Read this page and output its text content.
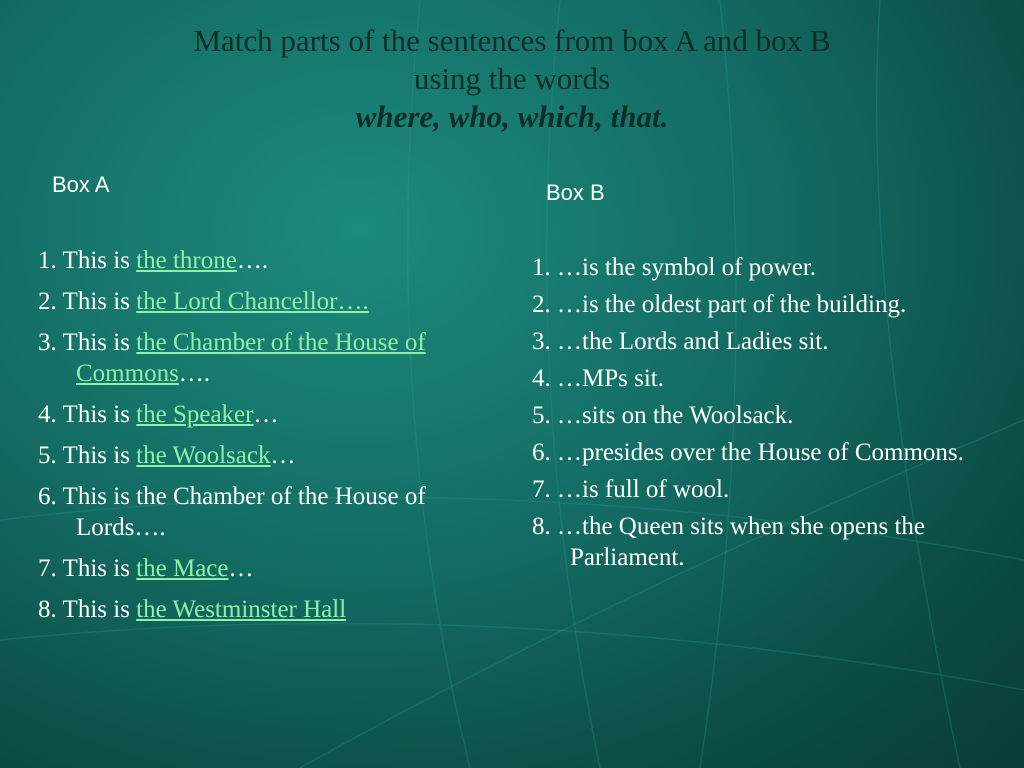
Match parts of the sentences from box A and box B
using the words
where, who, which, that.
Box A	Box B
1. This is the throne….
2. This is the Lord Chancellor….
3. This is the Chamber of the House of Commons….
4. This is the Speaker…
5. This is the Woolsack…
6. This is the Chamber of the House of Lords….
7. This is the Mace…
8. This is the Westminster Hall
1. …is the symbol of power.
2. …is the oldest part of the building.
3. …the Lords and Ladies sit.
4. …MPs sit.
5. …sits on the Woolsack.
6. …presides over the House of Commons.
7. …is full of wool.
8. …the Queen sits when she opens the Parliament.
